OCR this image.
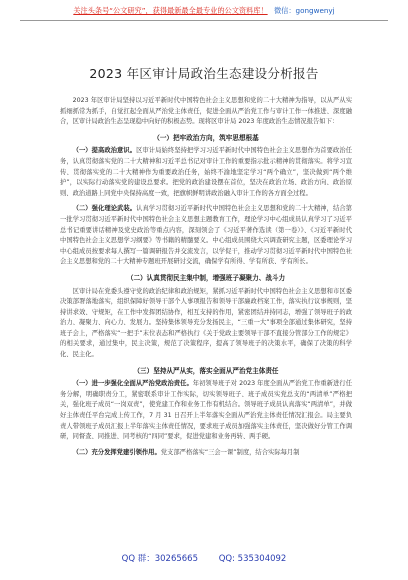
关注头条号“公文研究”，获得最新最全最专业的公文资料库！ 微信：gongwenyj
2023 年区审计局政治生态建设分析报告

2023 年区审计局坚持以习近平新时代中国特色社会主义思想和党的二十大精神为指导，以从严从实抓细抓常为抓手，自觉扛起全面从严治党主体责任，促进全面从严治党工作与审计工作一体推进、深度融合，区审计局政治生态呈现稳中向好的积极态势。现将区审计局 2023 年度政治生态情况报告如下：

（一）把牢政治方向，筑牢思想根基

（一）提高政治意识。区审计局始终坚持把学习习近平新时代中国特色社会主义思想作为首要政治任务，认真贯彻落实党的二十大精神和习近平总书记对审计工作的重要指示批示精神的贯彻落实。将学习宣传、贯彻落实党的二十大精神作为重要政治任务，始终不渝地坚定学习“两个确立”，坚决做到“两个维护”，以实际行动落实党的建设总要求。把党的政治建设摆在首位，坚决在政治立场、政治方向、政治原则、政治道路上同党中央保持高度一致，把旗帜鲜明讲政治融入审计工作的各方面全过程。

（二）强化理论武装。认真学习贯彻习近平新时代中国特色社会主义思想和党的二十大精神，结合第一批学习贯彻习近平新时代中国特色社会主义思想主题教育工作，理论学习中心组成员认真学习了习近平总书记重要讲话精神及党史政治等重点内容，深刻领会了《习近平著作选读（第一卷）》、《习近平新时代中国特色社会主义思想学习纲要》等书籍的精髓要义。中心组成员围绕大兴调查研究主题，区委理论学习中心组成员按要求每人撰写一篇调研报告并交流发言，以学促干，推动学习贯彻习近平新时代中国特色社会主义思想和党的二十大精神专题班开展研讨交流，确保学有所得、学有所获、学有所长。

（二）认真贯彻民主集中制，增强班子凝聚力、战斗力

区审计局在党委头遵守党的政治纪律和政治规矩，紧抓习近平新时代中国特色社会主义思想和市区委决策部署落地落实，组织保障好领导干部个人事项报告和领导干部廉政档案工作，落实执行议事规则，坚持讲求效、守规矩，在工作中发挥团结协作，相互支持的作用，紧密团结并持同志，增强了领导班子的政治力、凝聚力、向心力、发展力。坚持集体领导充分发扬民主，“三重一大”事项全部通过集体研究，坚持班子会上，严格落实“一把手”末位表态和严格执行《关于党政主要领导干部不直接分管部分工作的规定》的相关要求，通过集中，民主决策，规范了决策程序，提高了领导班子的决策水平，确保了决策的科学化、民主化。

（三）坚持从严从实，落实全面从严治党主体责任

（一）进一步强化全面从严治党政治责任。年初领导班子对 2023 年度全面从严治党工作重新进行任务分解，明确职责分工，紧密联系审计工作实际，切实领导班子、班子成员实党总支的“两清单”严格把关，强化班子成员“一岗双责”，使党建工作和业务工作有机结合。领导班子成员认真落实“两清单”，并做好主体责任平台完成上传工作，7 月 31 日召开上半年落实全面从严治党主体责任情况汇报会。局主要负责人带领班子成员汇报上半年落实主体责任情况，要求班子成员加强落实主体责任，坚决做好分管工作调研，同督查、同推进、同考核的“四同”要求，促进党建和业务再转、两手硬。

（二）充分发挥党建引领作用。党支部严格落实“三会一课”制度，结合实际每月制

QQ 群：30265665 QQ: 535304092
